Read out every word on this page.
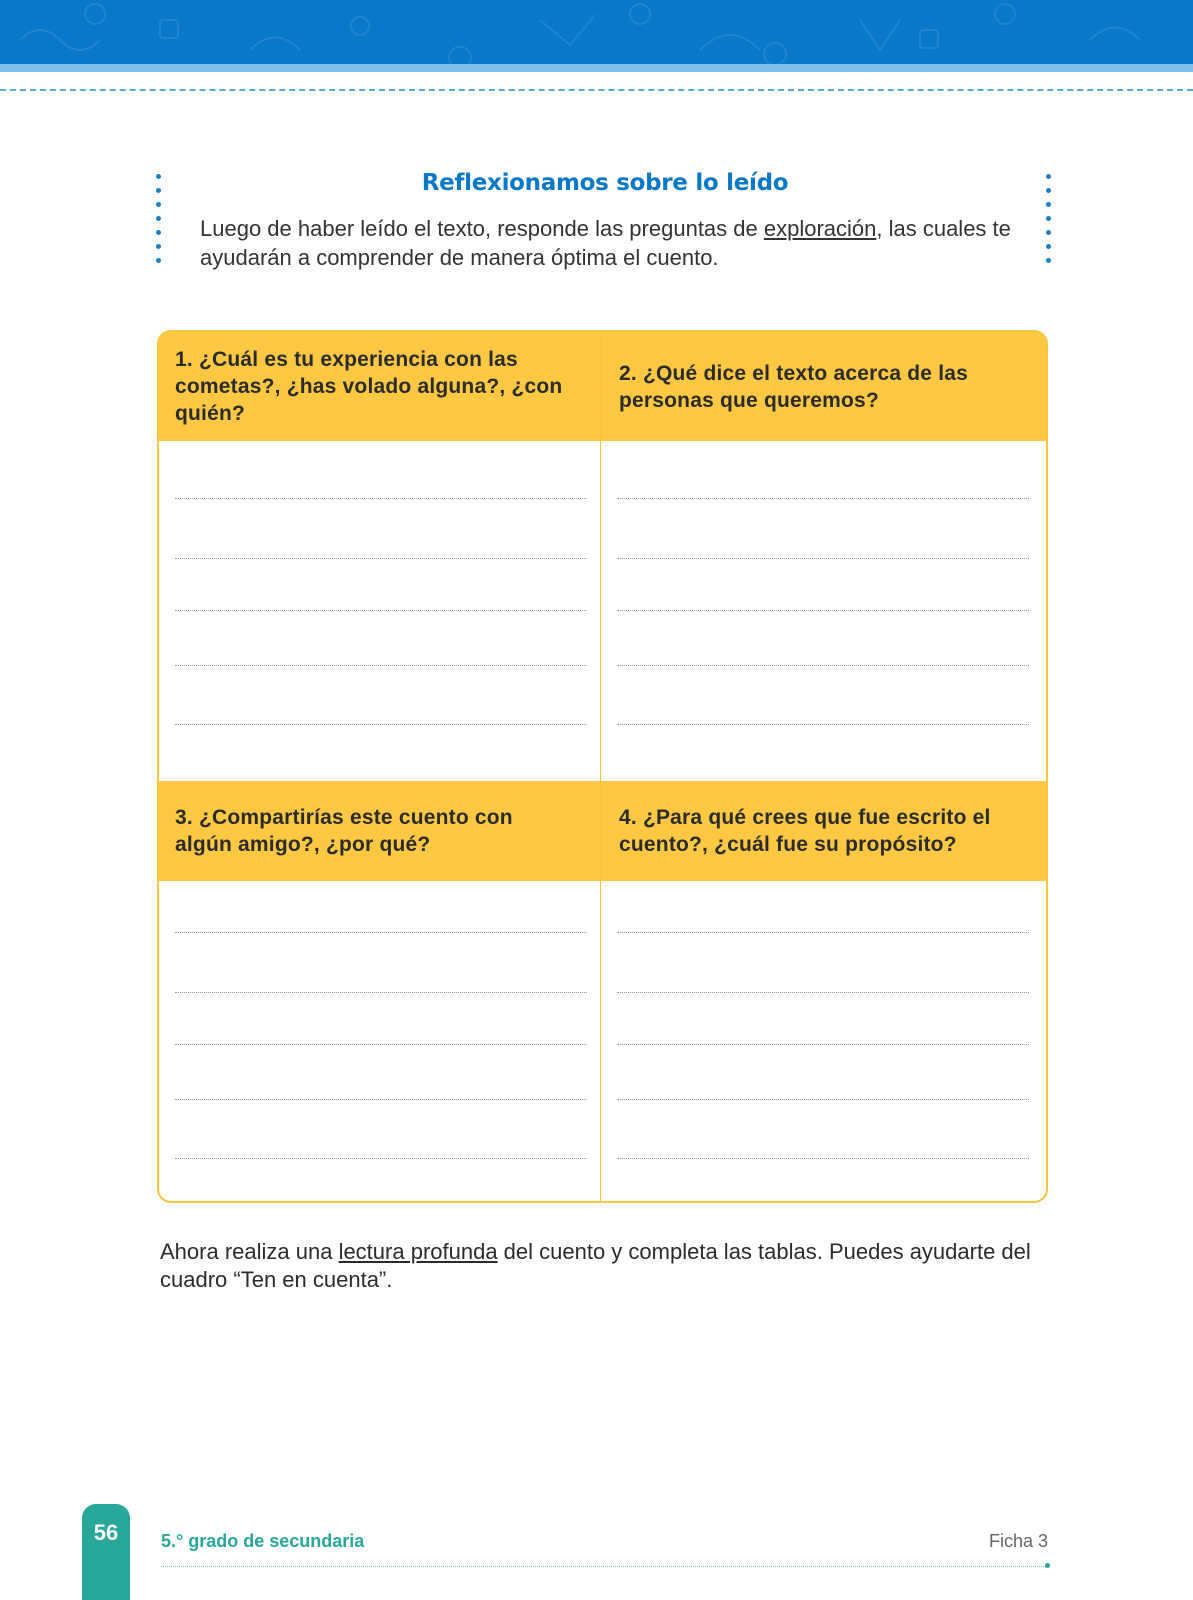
Reflexionamos sobre lo leído
Luego de haber leído el texto, responde las preguntas de exploración, las cuales te ayudarán a comprender de manera óptima el cuento.
1. ¿Cuál es tu experiencia con las cometas?, ¿has volado alguna?, ¿con quién?
2. ¿Qué dice el texto acerca de las personas que queremos?
3. ¿Compartirías este cuento con algún amigo?, ¿por qué?
4. ¿Para qué crees que fue escrito el cuento?, ¿cuál fue su propósito?
Ahora realiza una lectura profunda del cuento y completa las tablas. Puedes ayudarte del cuadro “Ten en cuenta”.
56	5.° grado de secundaria	Ficha 3
